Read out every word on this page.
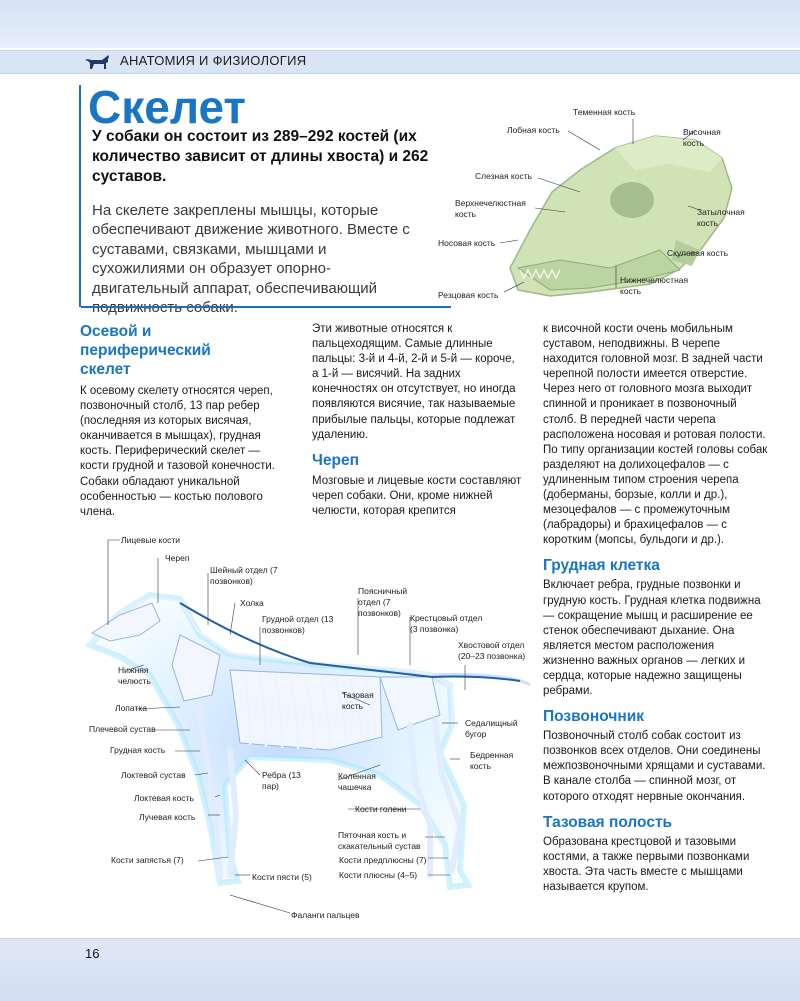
АНАТОМИЯ И ФИЗИОЛОГИЯ
Скелет
У собаки он состоит из 289–292 костей (их количество зависит от длины хвоста) и 262 суставов.
На скелете закреплены мышцы, которые обеспечивают движение животного. Вместе с суставами, связками, мышцами и сухожилиями он образует опорно-двигательный аппарат, обеспечивающий
Теменная кость
Лобная кость	Височная кость
Слезная кость
Верхнечелюстная кость	Затылочная кость
Носовая кость
Скуловая кость
Нижнечелюстная кость
Резцовая кость

Осевой и периферический скелет

К осевому скелету относятся череп, позвоночный столб, 13 пар ребер (последняя из которых висячая, оканчивается в мышцах), грудная кость. Периферический скелет — кости грудной и тазовой конечности. Собаки обладают уникальной особенностью — костью полового члена.

Эти животные относятся к пальцеходящим. Самые длинные пальцы: 3-й и 4-й, 2-й и 5-й — короче, а 1-й — висячий. На задних конечностях он отсутствует, но иногда появляются висячие, так называемые прибылые пальцы, которые подлежат удалению.

Череп

Мозговые и лицевые кости составляют череп собаки. Они, кроме нижней челюсти, которая крепится

к височной кости очень мобильным суставом, неподвижны. В черепе находится головной мозг. В задней части черепной полости имеется отверстие. Через него от головного мозга выходит спинной и проникает в позвоночный столб. В передней части черепа расположена носовая и ротовая полости. По типу организации костей головы собак разделяют на долихоцефалов — с удлиненным типом строения черепа (доберманы, борзые, колли и др.), мезоцефалов — с промежуточным (лабрадоры) и брахицефалов — с коротким (мопсы, бульдоги и др.).

Грудная клетка

Включает ребра, грудные позвонки и грудную кость. Грудная клетка подвижна — сокращение мышц и расширение ее стенок обеспечивают дыхание. Она является местом расположения жизненно важных органов — легких и сердца, которые надежно защищены ребрами.

Позвоночник

Позвоночный столб собак состоит из позвонков всех отделов. Они соединены межпозвоночными хрящами и суставами. В канале столба — спинной мозг, от которого отходят нервные окончания.

Тазовая полость

Образована крестцовой и тазовыми костями, а также первыми позвонками хвоста. Эта часть вместе с мышцами называется крупом.

Лицевые кости
Череп
Шейный отдел (7 позвонков)
Холка
Грудной отдел (13 позвонков)
Поясничный отдел (7 позвонков)	Крестцовый отдел (3 позвонка)
Хвостовой отдел (20–23 позвонка)
Нижняя челюсть
Лопатка
Плечевой сустав
Грудная кость
Локтевой сустав
Локтевая кость
Лучевая кость
Кости запястья (7)
Кости пясти (5)
Фаланги пальцев
Ребра (13 пар)
Тазовая кость
Седалищный бугор
Бедренная кость
Коленная чашечка
Кости голени
Пяточная кость и скакательный сустав
Кости предплюсны (7)
Кости плюсны (4–5)
16
